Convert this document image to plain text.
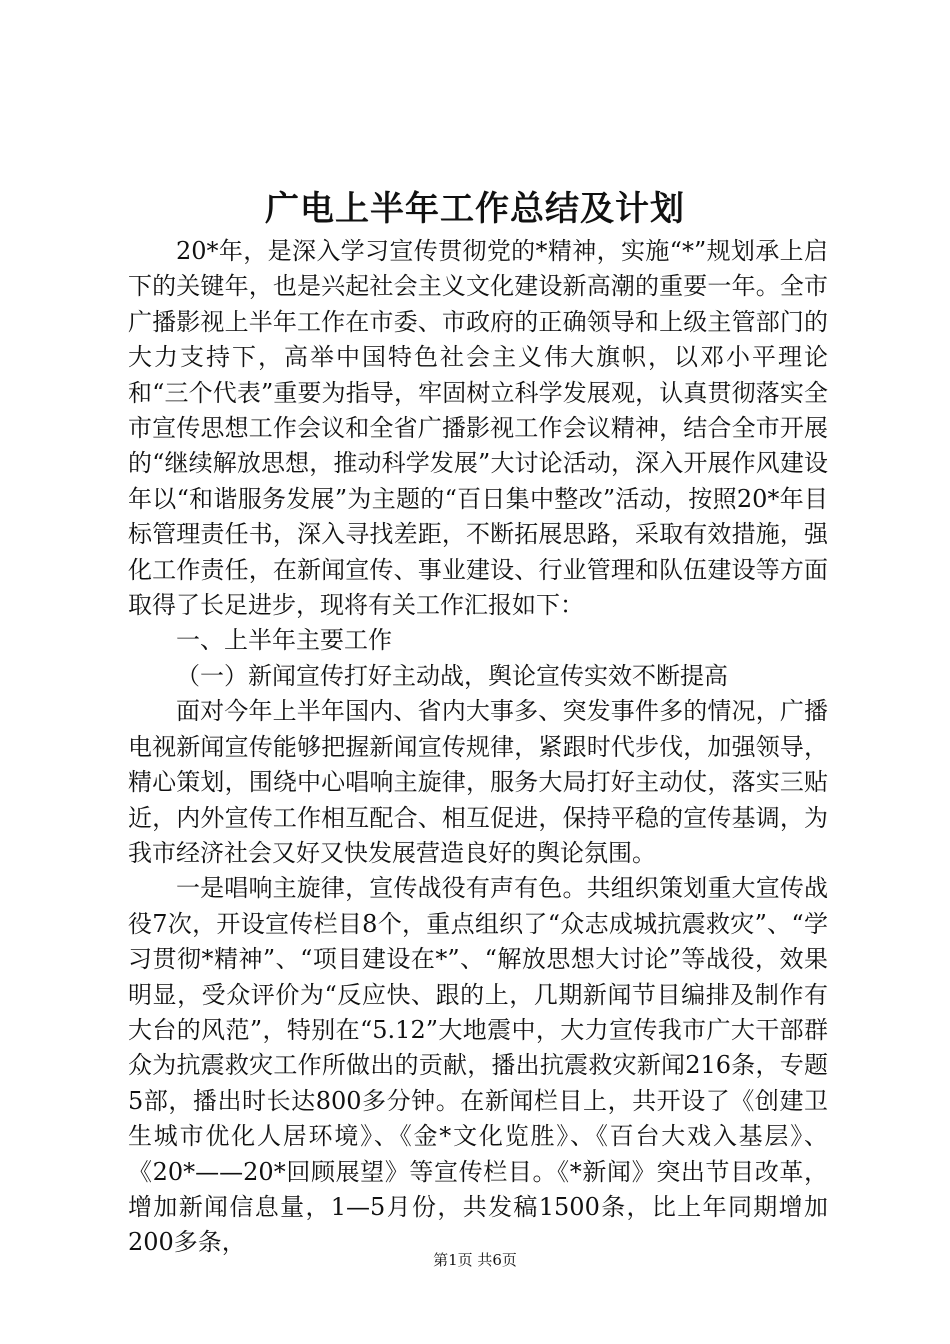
广电上半年工作总结及计划

20*年，是深入学习宣传贯彻党的*精神，实施“*”规划承上启下的关键年，也是兴起社会主义文化建设新高潮的重要一年。全市广播影视上半年工作在市委、市政府的正确领导和上级主管部门的大力支持下，高举中国特色社会主义伟大旗帜，以邓小平理论和“三个代表”重要为指导，牢固树立科学发展观，认真贯彻落实全市宣传思想工作会议和全省广播影视工作会议精神，结合全市开展的“继续解放思想，推动科学发展”大讨论活动，深入开展作风建设年以“和谐服务发展”为主题的“百日集中整改”活动，按照20*年目标管理责任书，深入寻找差距，不断拓展思路，采取有效措施，强化工作责任，在新闻宣传、事业建设、行业管理和队伍建设等方面取得了长足进步，现将有关工作汇报如下：

一、上半年主要工作

（一）新闻宣传打好主动战，舆论宣传实效不断提高

面对今年上半年国内、省内大事多、突发事件多的情况，广播电视新闻宣传能够把握新闻宣传规律，紧跟时代步伐，加强领导，精心策划，围绕中心唱响主旋律，服务大局打好主动仗，落实三贴近，内外宣传工作相互配合、相互促进，保持平稳的宣传基调，为我市经济社会又好又快发展营造良好的舆论氛围。

一是唱响主旋律，宣传战役有声有色。共组织策划重大宣传战役7次，开设宣传栏目8个，重点组织了“众志成城抗震救灾”、“学习贯彻*精神”、“项目建设在*”、“解放思想大讨论”等战役，效果明显，受众评价为“反应快、跟的上，几期新闻节目编排及制作有大台的风范”，特别在“5.12”大地震中，大力宣传我市广大干部群众为抗震救灾工作所做出的贡献，播出抗震救灾新闻216条，专题5部，播出时长达800多分钟。在新闻栏目上，共开设了《创建卫生城市优化人居环境》、《金*文化览胜》、《百台大戏入基层》、《20*——20*回顾展望》等宣传栏目。《*新闻》突出节目改革，增加新闻信息量，1—5月份，共发稿1500条，比上年同期增加200多条，

第1页 共6页
